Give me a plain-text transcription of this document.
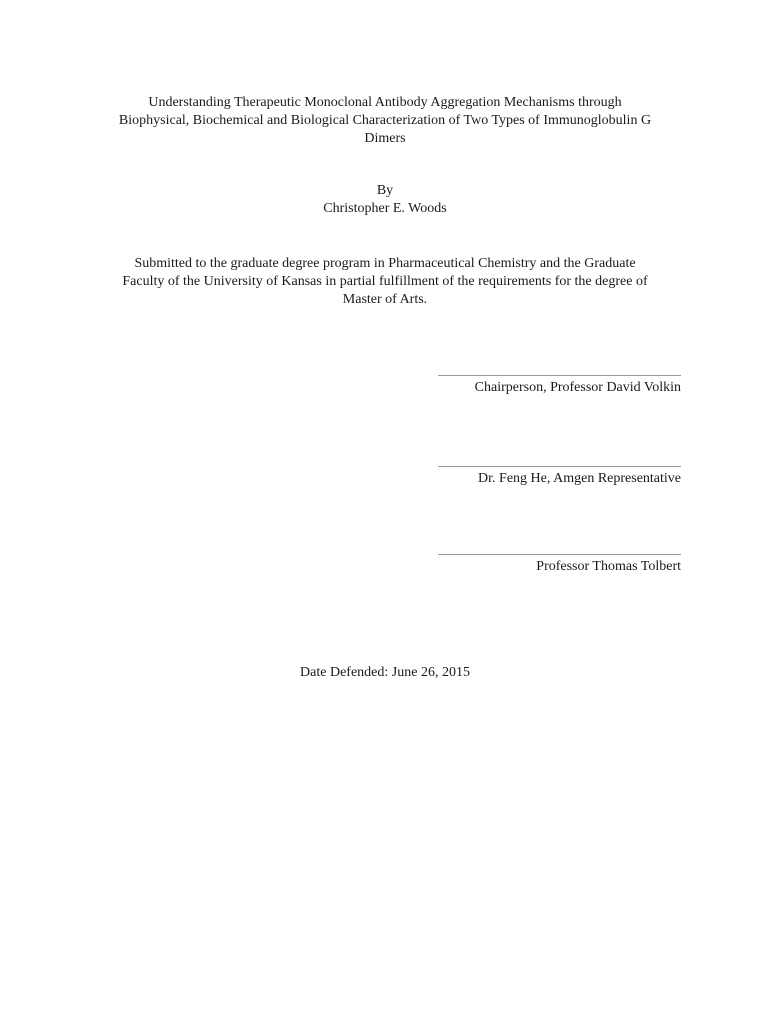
Understanding Therapeutic Monoclonal Antibody Aggregation Mechanisms through
Biophysical, Biochemical and Biological Characterization of Two Types of Immunoglobulin G
Dimers
By
Christopher E. Woods
Submitted to the graduate degree program in Pharmaceutical Chemistry and the Graduate
Faculty of the University of Kansas in partial fulfillment of the requirements for the degree of
Master of Arts.
Chairperson, Professor David Volkin
Dr. Feng He, Amgen Representative
Professor Thomas Tolbert
Date Defended: June 26, 2015
